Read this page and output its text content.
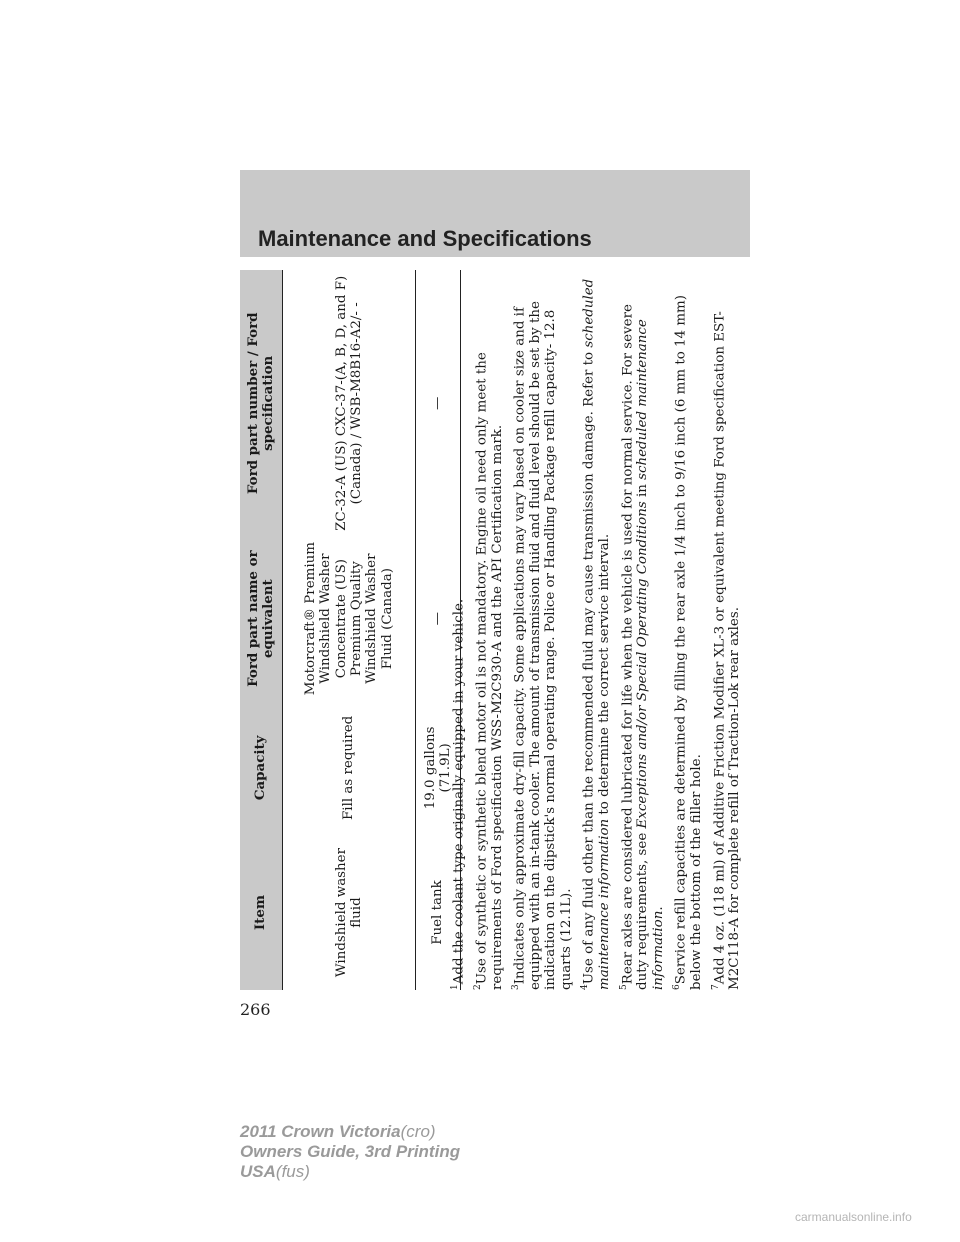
Maintenance and Specifications
Item	Capacity	Ford part name or equivalent	Ford part number / Ford specification
Windshield washer fluid	Fill as required	Motorcraft® Premium Windshield Washer Concentrate (US) Premium Quality Windshield Washer Fluid (Canada)	ZC-32-A (US) CXC-37-(A, B, D, and F) (Canada) / WSB-M8B16-A2/- -
Fuel tank	19.0 gallons (71.9L)	—	—

$^1$Add the coolant type originally equipped in your vehicle.

$^2$Use of synthetic or synthetic blend motor oil is not mandatory. Engine oil need only meet the requirements of Ford specification WSS-M2C930-A and the API Certification mark. $^3$Indicates only approximate dry-fill capacity. Some applications may vary based on cooler size and if equipped with an in-tank cooler. The amount of transmission fluid and fluid level should be set by the indication on the dipstick's normal operating range. Police or Handling Package refill capacity- 12.8 quarts (12.1L). $^4$Use of any fluid other than the recommended fluid may cause transmission damage. Refer to scheduled maintenance information to determine the correct service interval.

$^5$Rear axles are considered lubricated for life when the vehicle is used for normal service. For severe duty requirements, see Exceptions and/or Special Operating Conditions in scheduled maintenance information.

$^6$Service refill capacities are determined by filling the rear axle 1/4 inch to 9/16 inch (6 mm to 14 mm) below the bottom of the filler hole. $^7$Add 4 oz. (118 ml) of Additive Friction Modifier XL-3 or equivalent meeting Ford specification EST-M2C118-A for complete refill of Traction-Lok rear axles.

266
2011 Crown Victoria(cro)
Owners Guide, 3rd Printing
USA(fus)
carmanualsonline.info
